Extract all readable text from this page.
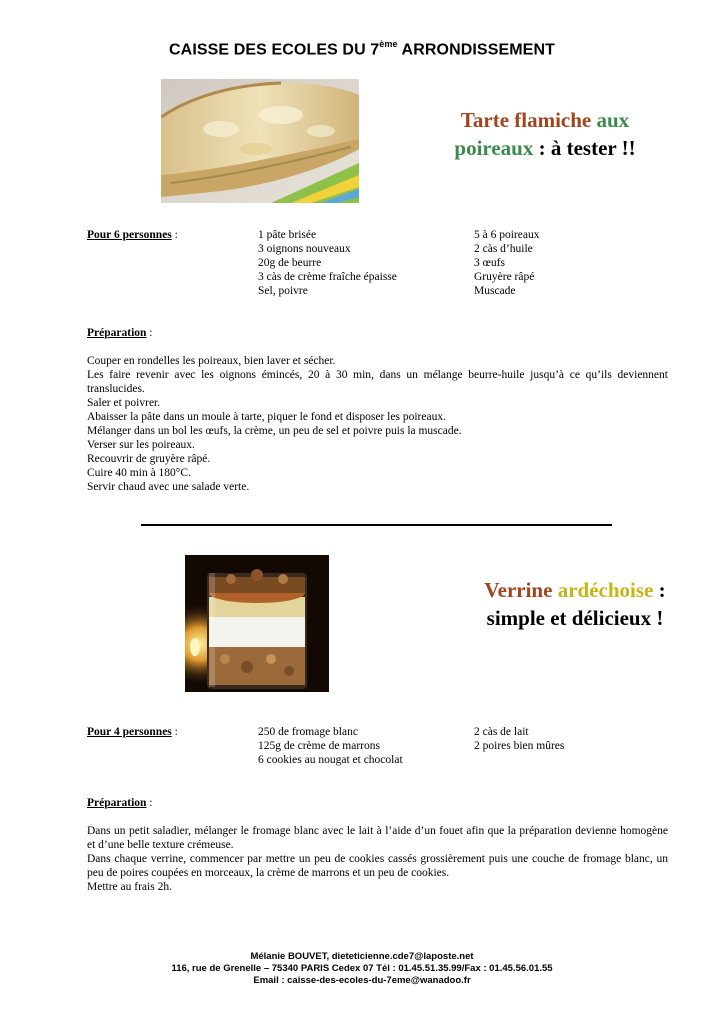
CAISSE DES ECOLES DU 7ème ARRONDISSEMENT
Tarte flamiche aux
poireaux : à tester !!
Pour 6 personnes :	1 pâte brisée
3 oignons nouveaux
20g de beurre
3 càs de crème fraîche épaisse
Sel, poivre
5 à 6 poireaux
2 càs d’huile
3 œufs
Gruyère râpé
Muscade
Préparation :

Couper en rondelles les poireaux, bien laver et sécher.

Les faire revenir avec les oignons émincés, 20 à 30 min, dans un mélange beurre-huile jusqu’à ce qu’ils deviennent translucides.

Saler et poivrer.

Abaisser la pâte dans un moule à tarte, piquer le fond et disposer les poireaux.

Mélanger dans un bol les œufs, la crème, un peu de sel et poivre puis la muscade.

Verser sur les poireaux.

Recouvrir de gruyère râpé.

Cuire 40 min à 180°C.

Servir chaud avec une salade verte.

Verrine ardéchoise :
simple et délicieux !
Pour 4 personnes :	250 de fromage blanc
125g de crème de marrons
6 cookies au nougat et chocolat
2 càs de lait
2 poires bien mûres
Préparation :

Dans un petit saladier, mélanger le fromage blanc avec le lait à l’aide d’un fouet afin que la préparation devienne homogène et d’une belle texture crémeuse.

Dans chaque verrine, commencer par mettre un peu de cookies cassés grossièrement puis une couche de fromage blanc, un peu de poires coupées en morceaux, la crème de marrons et un peu de cookies.

Mettre au frais 2h.

Mélanie BOUVET, dieteticienne.cde7@laposte.net
116, rue de Grenelle – 75340 PARIS Cedex 07 Tél : 01.45.51.35.99/Fax : 01.45.56.01.55
Email : caisse-des-ecoles-du-7eme@wanadoo.fr
